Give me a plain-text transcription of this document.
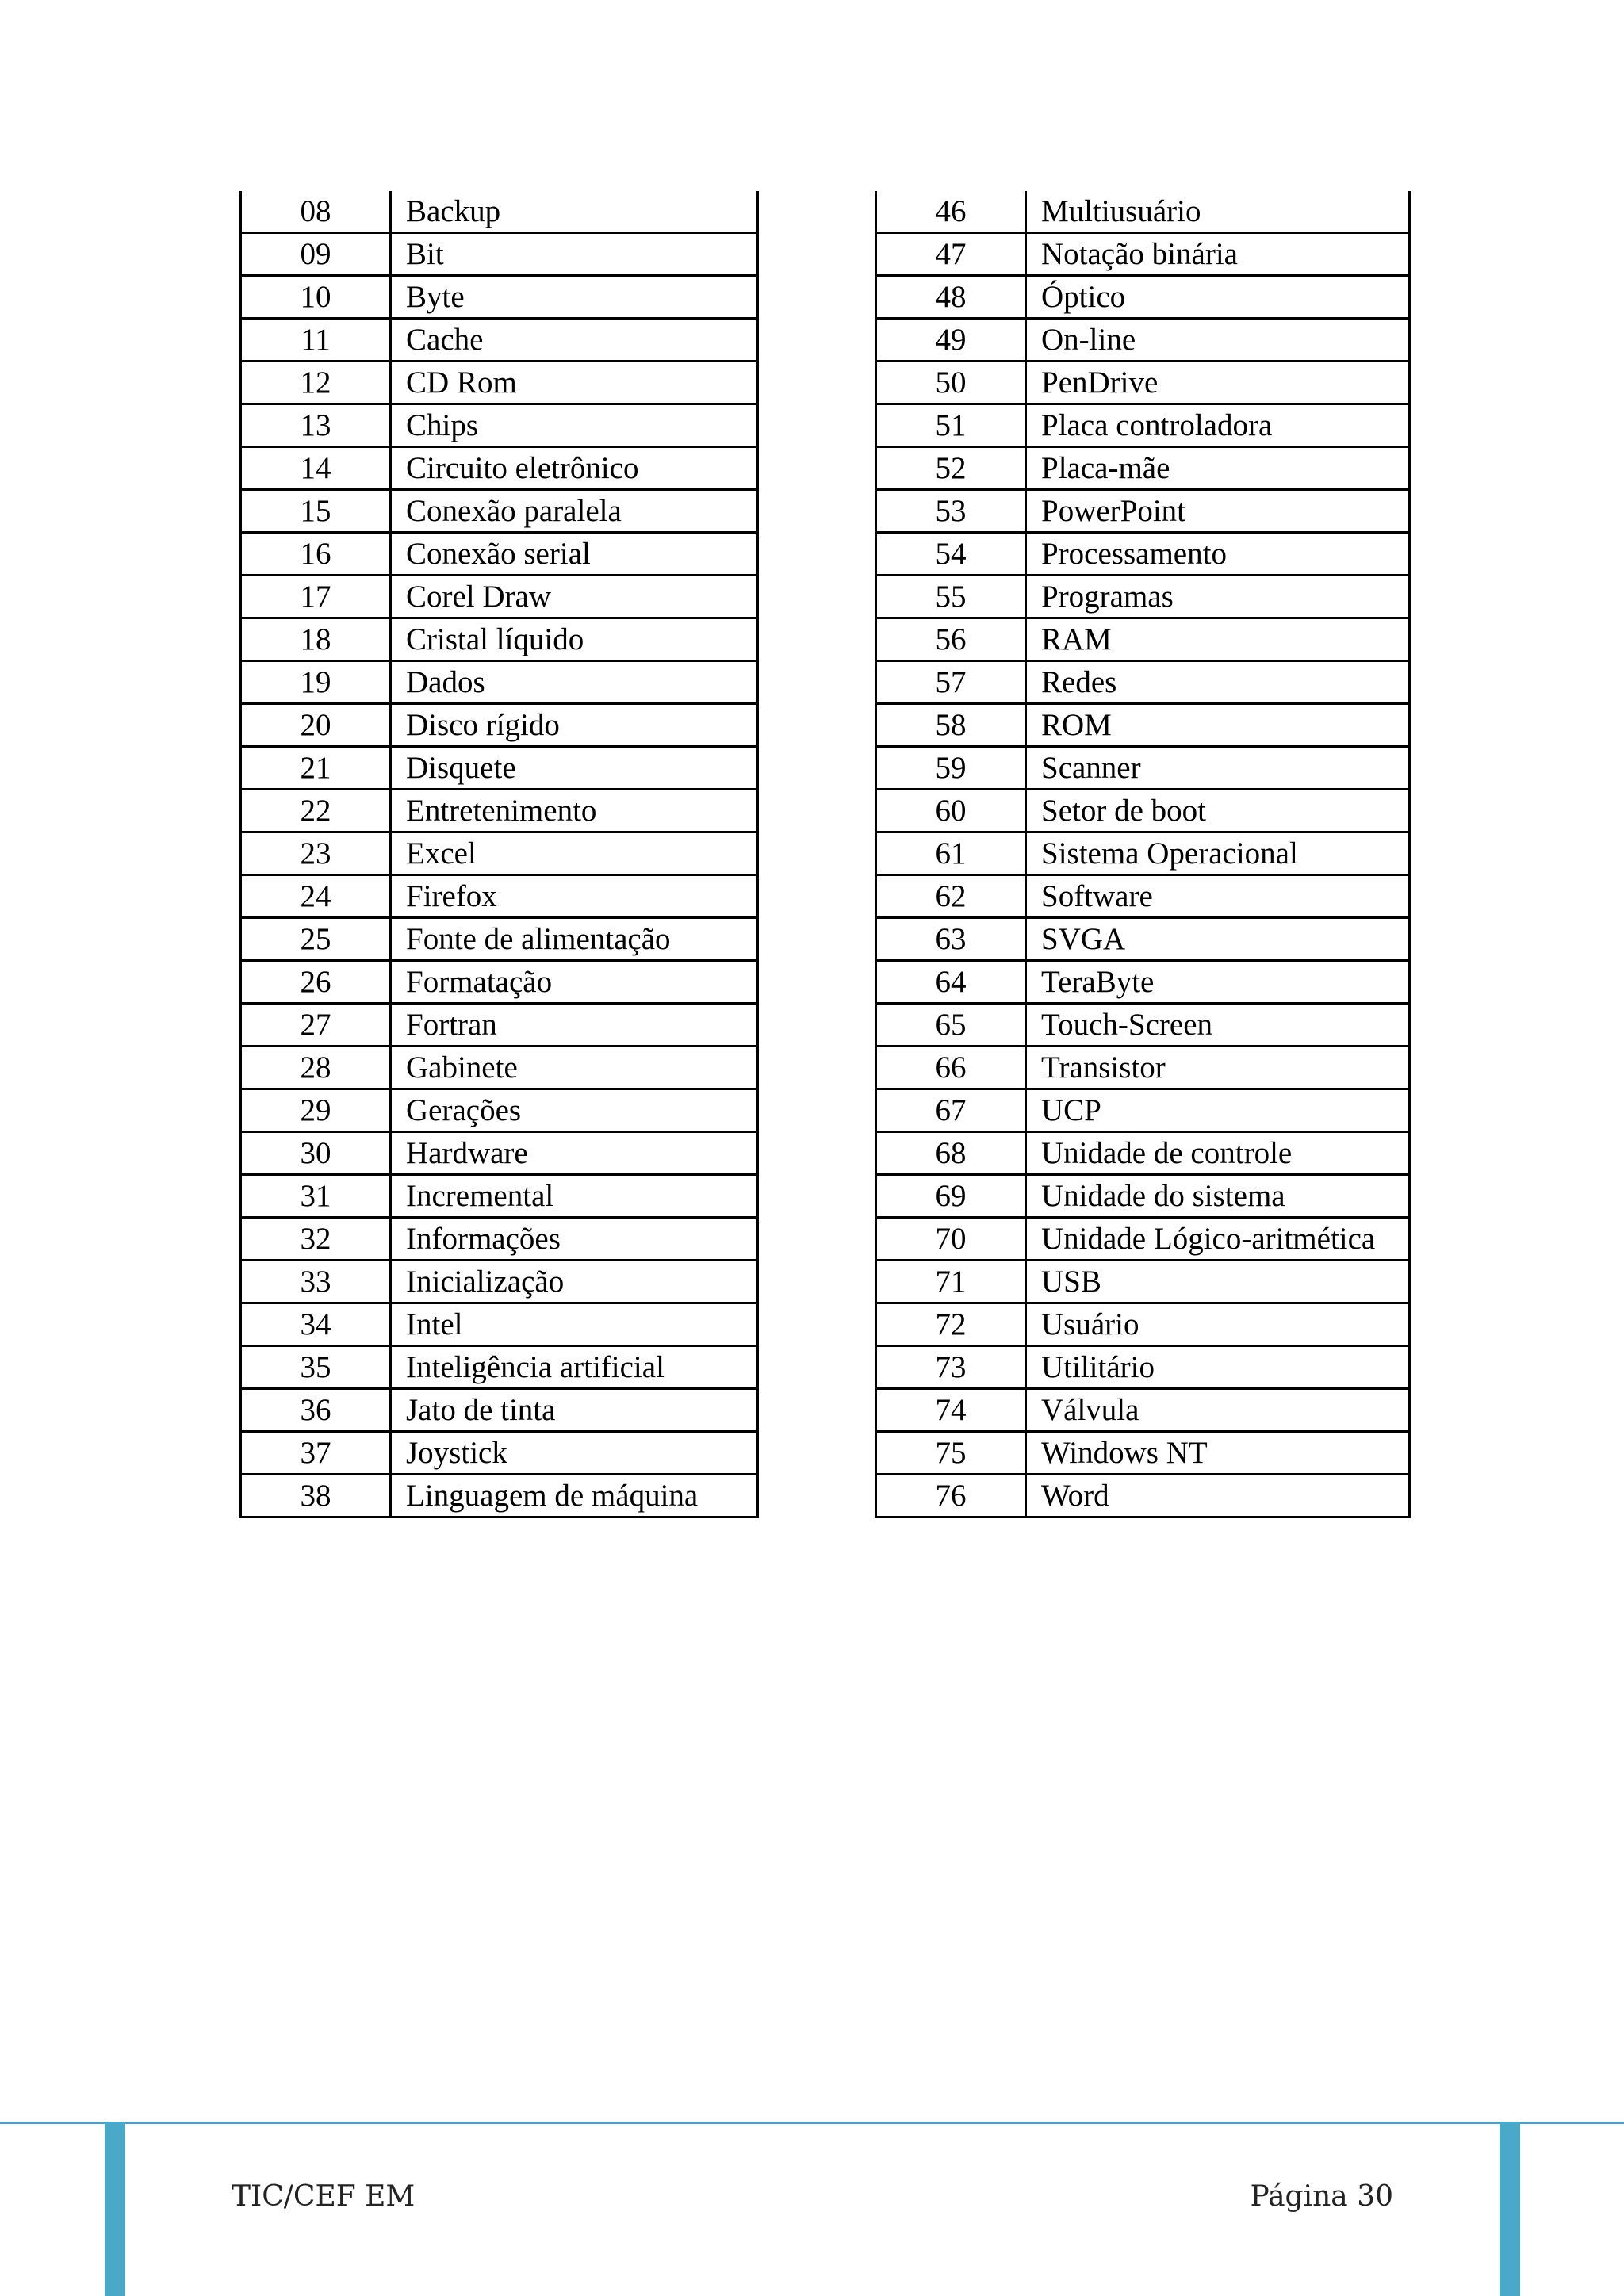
08	Backup
09	Bit
10	Byte
11	Cache
12	CD Rom
13	Chips
14	Circuito eletrônico
15	Conexão paralela
16	Conexão serial
17	Corel Draw
18	Cristal líquido
19	Dados
20	Disco rígido
21	Disquete
22	Entretenimento
23	Excel
24	Firefox
25	Fonte de alimentação
26	Formatação
27	Fortran
28	Gabinete
29	Gerações
30	Hardware
31	Incremental
32	Informações
33	Inicialização
34	Intel
35	Inteligência artificial
36	Jato de tinta
37	Joystick
38	Linguagem de máquina
46	Multiusuário
47	Notação binária
48	Óptico
49	On-line
50	PenDrive
51	Placa controladora
52	Placa-mãe
53	PowerPoint
54	Processamento
55	Programas
56	RAM
57	Redes
58	ROM
59	Scanner
60	Setor de boot
61	Sistema Operacional
62	Software
63	SVGA
64	TeraByte
65	Touch-Screen
66	Transistor
67	UCP
68	Unidade de controle
69	Unidade do sistema
70	Unidade Lógico-aritmética
71	USB
72	Usuário
73	Utilitário
74	Válvula
75	Windows NT
76	Word
TIC/CEF EM	Página 30
